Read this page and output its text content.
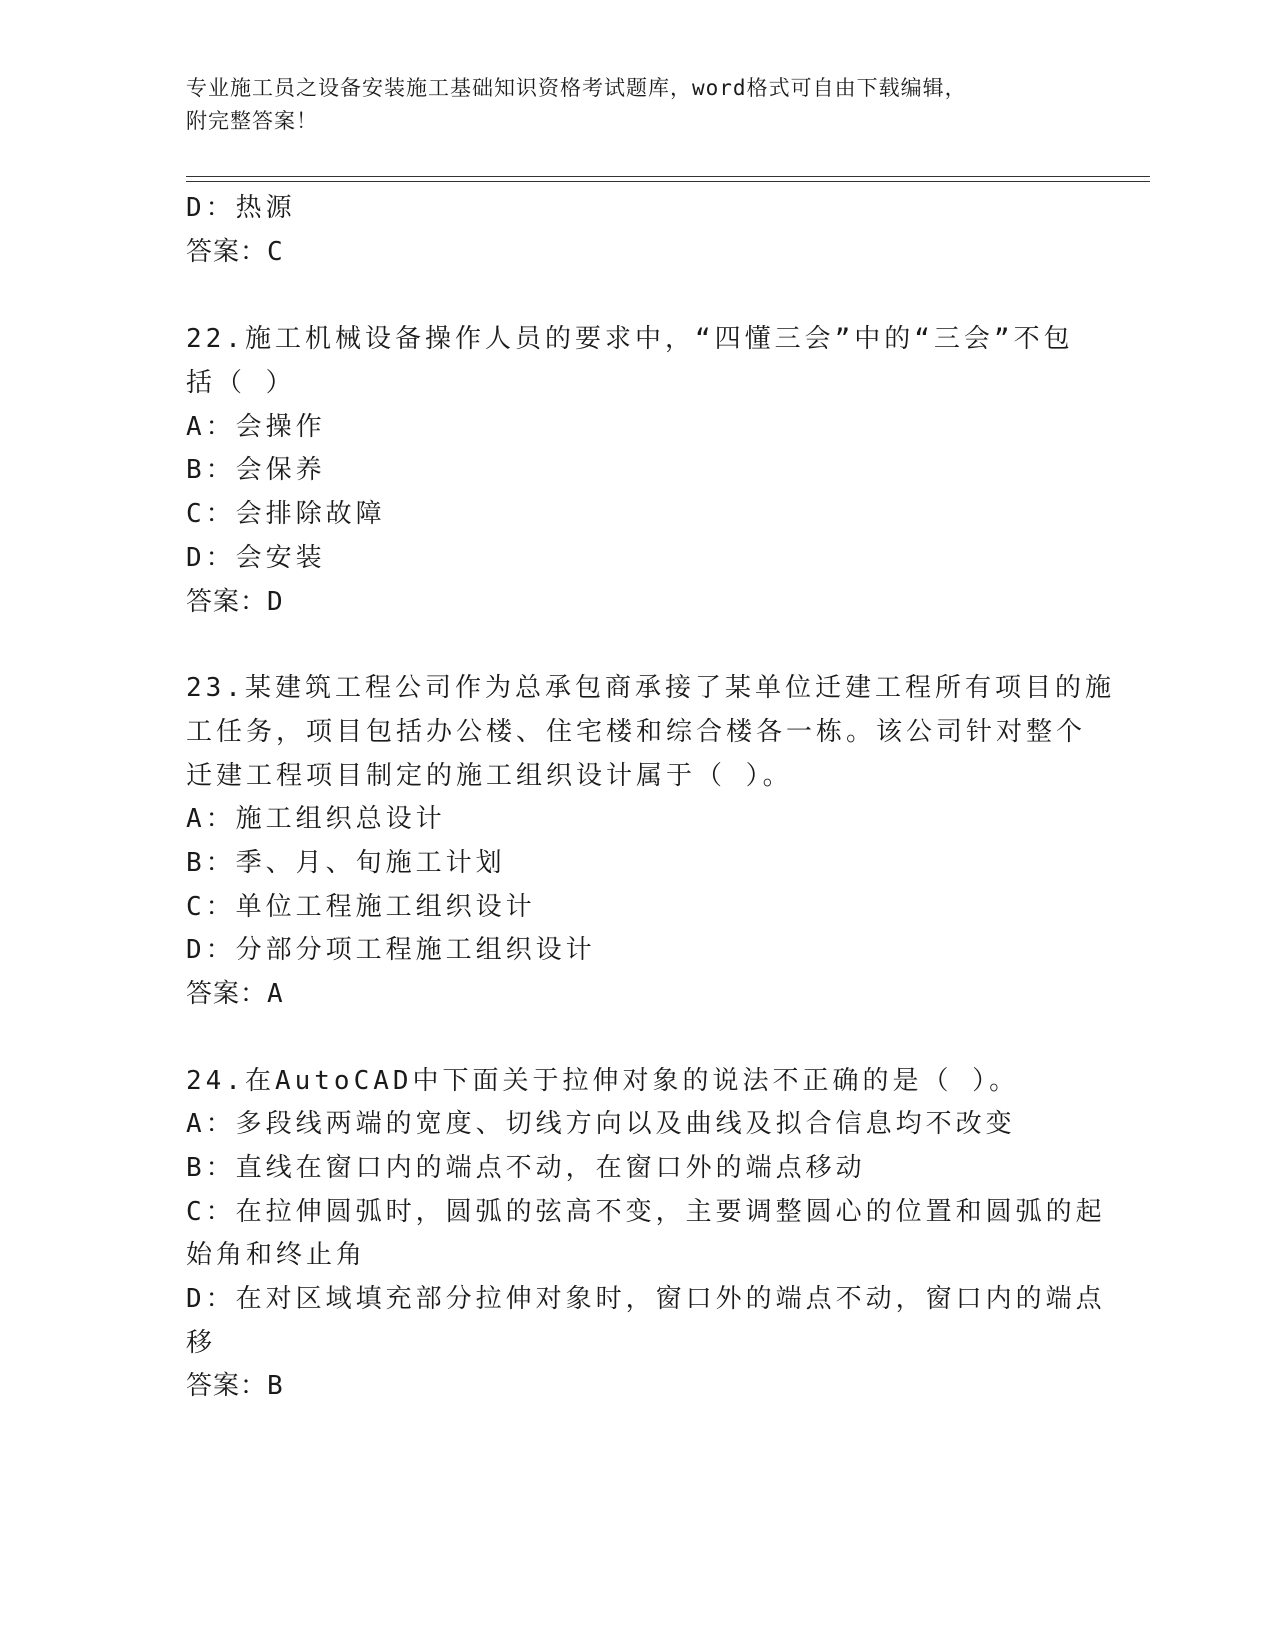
专业施工员之设备安装施工基础知识资格考试题库，word格式可自由下载编辑，
附完整答案！
D：热源
答案：C
22.施工机械设备操作人员的要求中，“四懂三会”中的“三会”不包
括（ ）
A：会操作
B：会保养
C：会排除故障
D：会安装
答案：D
23.某建筑工程公司作为总承包商承接了某单位迁建工程所有项目的施
工任务，项目包括办公楼、住宅楼和综合楼各一栋。该公司针对整个
迁建工程项目制定的施工组织设计属于（ ）。
A：施工组织总设计
B：季、月、旬施工计划
C：单位工程施工组织设计
D：分部分项工程施工组织设计
答案：A
24.在AutoCAD中下面关于拉伸对象的说法不正确的是（ ）。
A：多段线两端的宽度、切线方向以及曲线及拟合信息均不改变
B：直线在窗口内的端点不动，在窗口外的端点移动
C：在拉伸圆弧时，圆弧的弦高不变，主要调整圆心的位置和圆弧的起
始角和终止角
D：在对区域填充部分拉伸对象时，窗口外的端点不动，窗口内的端点
移
答案：B
